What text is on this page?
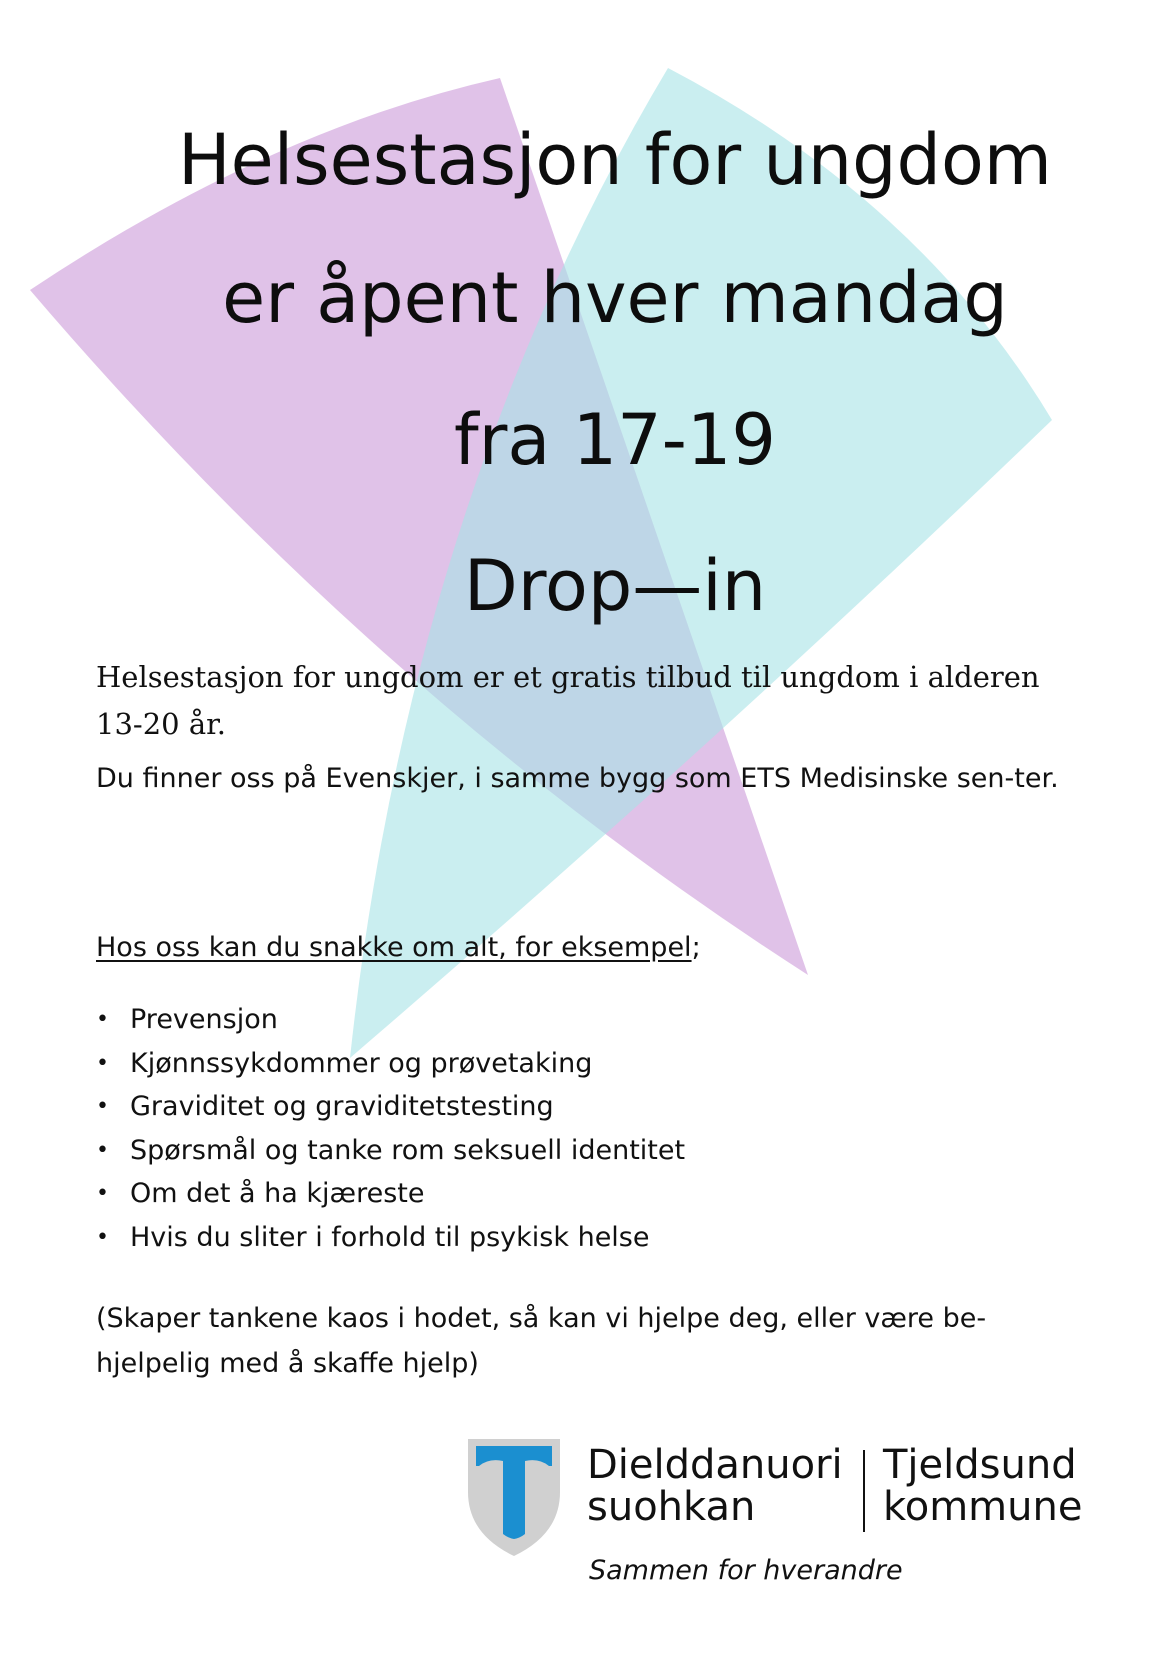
Helsestasjon for ungdom
er åpent hver mandag
fra 17-19
Drop—in
Helsestasjon for ungdom er et gratis tilbud til ungdom i alderen 13-20 år.
Du finner oss på Evenskjer, i samme bygg som ETS Medisinske sen-ter.
Hos oss kan du snakke om alt, for eksempel;
• Prevensjon
• Kjønnssykdommer og prøvetaking
• Graviditet og graviditetstesting
• Spørsmål og tanke rom seksuell identitet
• Om det å ha kjæreste
• Hvis du sliter i forhold til psykisk helse
(Skaper tankene kaos i hodet, så kan vi hjelpe deg, eller være be-hjelpelig med å skaffe hjelp)
Dielddanuori
suohkan
Tjeldsund
kommune
Sammen for hverandre
